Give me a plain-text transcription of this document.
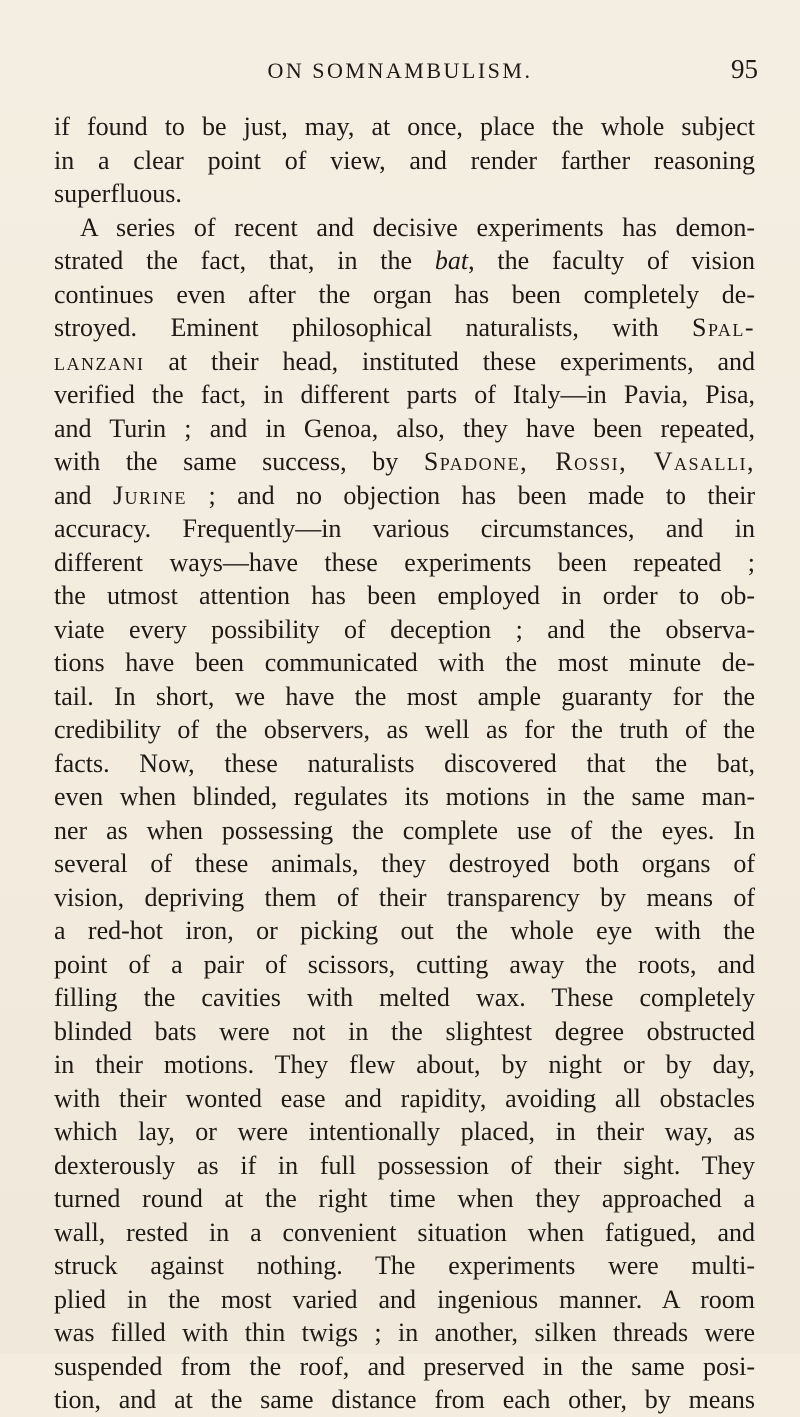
ON SOMNAMBULISM.	95
if found to be just, may, at once, place the whole subject
in a clear point of view, and render farther reasoning
superfluous.
A series of recent and decisive experiments has demon-
strated the fact, that, in the bat, the faculty of vision
continues even after the organ has been completely de-
stroyed. Eminent philosophical naturalists, with Spal-
lanzani at their head, instituted these experiments, and
verified the fact, in different parts of Italy—in Pavia, Pisa,
and Turin ; and in Genoa, also, they have been repeated,
with the same success, by Spadone, Rossi, Vasalli,
and Jurine ; and no objection has been made to their
accuracy. Frequently—in various circumstances, and in
different ways—have these experiments been repeated ;
the utmost attention has been employed in order to ob-
viate every possibility of deception ; and the observa-
tions have been communicated with the most minute de-
tail. In short, we have the most ample guaranty for the
credibility of the observers, as well as for the truth of the
facts. Now, these naturalists discovered that the bat,
even when blinded, regulates its motions in the same man-
ner as when possessing the complete use of the eyes. In
several of these animals, they destroyed both organs of
vision, depriving them of their transparency by means of
a red-hot iron, or picking out the whole eye with the
point of a pair of scissors, cutting away the roots, and
filling the cavities with melted wax. These completely
blinded bats were not in the slightest degree obstructed
in their motions. They flew about, by night or by day,
with their wonted ease and rapidity, avoiding all obstacles
which lay, or were intentionally placed, in their way, as
dexterously as if in full possession of their sight. They
turned round at the right time when they approached a
wall, rested in a convenient situation when fatigued, and
struck against nothing. The experiments were multi-
plied in the most varied and ingenious manner. A room
was filled with thin twigs ; in another, silken threads were
suspended from the roof, and preserved in the same posi-
tion, and at the same distance from each other, by means
